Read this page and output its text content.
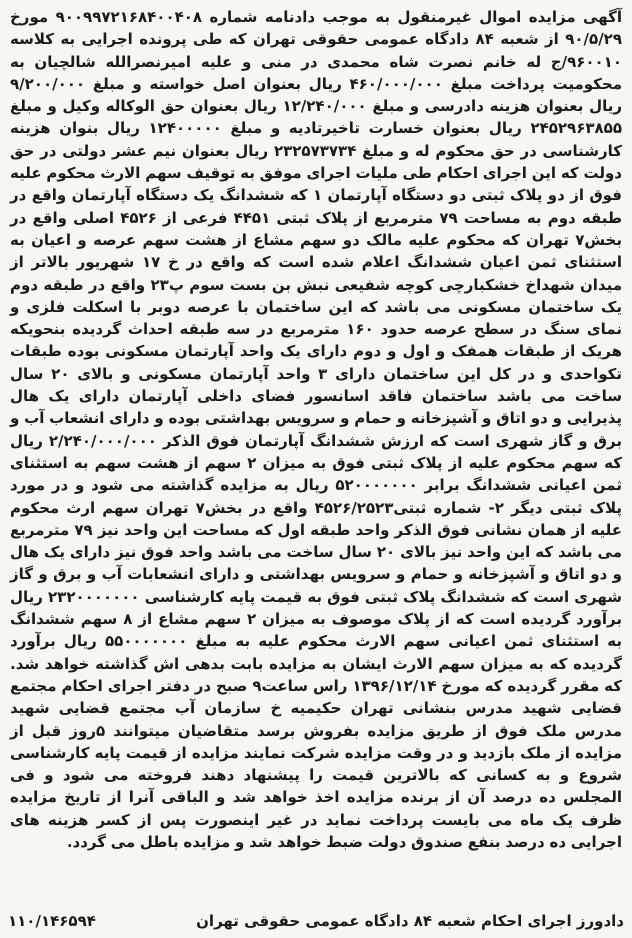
آگهی مزایده اموال غیرمنقول به موجب دادنامه شماره ۹۰۰۹۹۷۲۱۶۸۴۰۰۴۰۸ مورخ ۹۰/۵/۲۹ از شعبه ۸۴ دادگاه عمومی حقوقی تهران که طی پرونده اجرایی به کلاسه ۹۶۰۰۱۰/ج له خانم نصرت شاه محمدی در منی و علیه امیرنصرالله شالچیان به محکومیت پرداخت مبلغ ۴۶۰/۰۰۰/۰۰۰ ریال بعنوان اصل خواسته و مبلغ ۹/۲۰۰/۰۰۰ ریال بعنوان هزینه دادرسی و مبلغ ۱۲/۲۴۰/۰۰۰ ریال بعنوان حق الوکاله وکیل و مبلغ ۲۴۵۲۹۶۳۸۵۵ ریال بعنوان خسارت تاخیرتادیه و مبلغ ۱۲۴۰۰۰۰۰ ریال بنوان هزینه کارشناسی در حق محکوم له و مبلغ ۲۳۲۵۷۳۷۳۴ ریال بعنوان نیم عشر دولتی در حق دولت که این اجرای احکام طی ملیات اجرای موفق به توقیف سهم الارث محکوم علیه فوق از دو پلاک ثبتی دو دستگاه آپارتمان ۱ که ششدانگ یک دستگاه آپارتمان واقع در طبقه دوم به مساحت ۷۹ مترمربع از پلاک ثبتی ۴۴۵۱ فرعی از ۴۵۲۶ اصلی واقع در بخش۷ تهران که محکوم علیه مالک دو سهم مشاع از هشت سهم عرصه و اعیان به استثنای ثمن اعیان ششدانگ اعلام شده است که واقع در خ ۱۷ شهریور بالاتر از میدان شهداخ خشکبارچی کوچه شفیعی نبش بن بست سوم پ۲۳ واقع در طبقه دوم یک ساختمان مسکونی می باشد که این ساختمان با عرصه دوبر با اسکلت فلزی و نمای سنگ در سطح عرصه حدود ۱۶۰ مترمربع در سه طبقه احداث گردیده بنحویکه هریک از طبقات همفک و اول و دوم دارای یک واحد آپارتمان مسکونی بوده طبقات تکواحدی و در کل این ساختمان دارای ۳ واحد آپارتمان مسکونی و بالای ۲۰ سال ساخت می باشد ساختمان فاقد اسانسور فضای داخلی آپارتمان دارای یک هال پذیرایی و دو اتاق و آشپزخانه و حمام و سرویس بهداشتی بوده و دارای انشعاب آب و برق و گاز شهری است که ارزش ششدانگ آپارتمان فوق الذکر ۲/۲۴۰/۰۰۰/۰۰۰ ریال که سهم محکوم علیه از پلاک ثبتی فوق به میزان ۲ سهم از هشت سهم به استثنای ثمن اعیانی ششدانگ برابر ۵۲۰۰۰۰۰۰۰ ریال به مزایده گذاشته می شود و در مورد پلاک ثبتی دیگر ۲- شماره ثبتی۴۵۲۶/۲۵۲۳ واقع در بخش۷ تهران سهم ارث محکوم علیه از همان نشانی فوق الذکر واحد طبقه اول که مساحت این واحد نیز ۷۹ مترمربع می باشد که این واحد نیز بالای ۲۰ سال ساخت می باشد واحد فوق نیز دارای یک هال و دو اتاق و آشپزخانه و حمام و سرویس بهداشتی و دارای انشعابات آب و برق و گاز شهری است که ششدانگ پلاک ثبتی فوق به قیمت پایه کارشناسی ۲۳۲۰۰۰۰۰۰۰ ریال برآورد گردیده است که از پلاک موصوف به میزان ۲ سهم مشاع از ۸ سهم ششدانگ به استثنای ثمن اعیانی سهم الارث محکوم علیه به مبلغ ۵۵۰۰۰۰۰۰۰ ریال برآورد گردیده که به میزان سهم الارث ایشان به مزایده بابت بدهی اش گذاشته خواهد شد. که مقرر گردیده که مورخ ۱۳۹۶/۱۲/۱۴ راس ساعت۹ صبح در دفتر اجرای احکام مجتمع قضایی شهید مدرس بنشانی تهران حکیمیه خ سازمان آب مجتمع قضایی شهید مدرس ملک فوق از طریق مزایده بفروش برسد متقاضیان میتوانند ۵روز قبل از مزایده از ملک بازدید و در وقت مزایده شرکت نمایند مزایده از قیمت پایه کارشناسی شروع و به کسانی که بالاترین قیمت را پیشنهاد دهند فروخته می شود و فی المجلس ده درصد آن از برنده مزایده اخذ خواهد شد و الباقی آنرا از تاریخ مزایده ظرف یک ماه می بایست پرداخت نماید در غیر اینصورت پس از کسر هزینه های اجرایی ده درصد بنفع صندوق دولت ضبط خواهد شد و مزایده باطل می گردد.

دادورز اجرای احکام شعبه ۸۴ دادگاه عمومی حقوقی تهران
۱۱۰/۱۴۶۵۹۴
